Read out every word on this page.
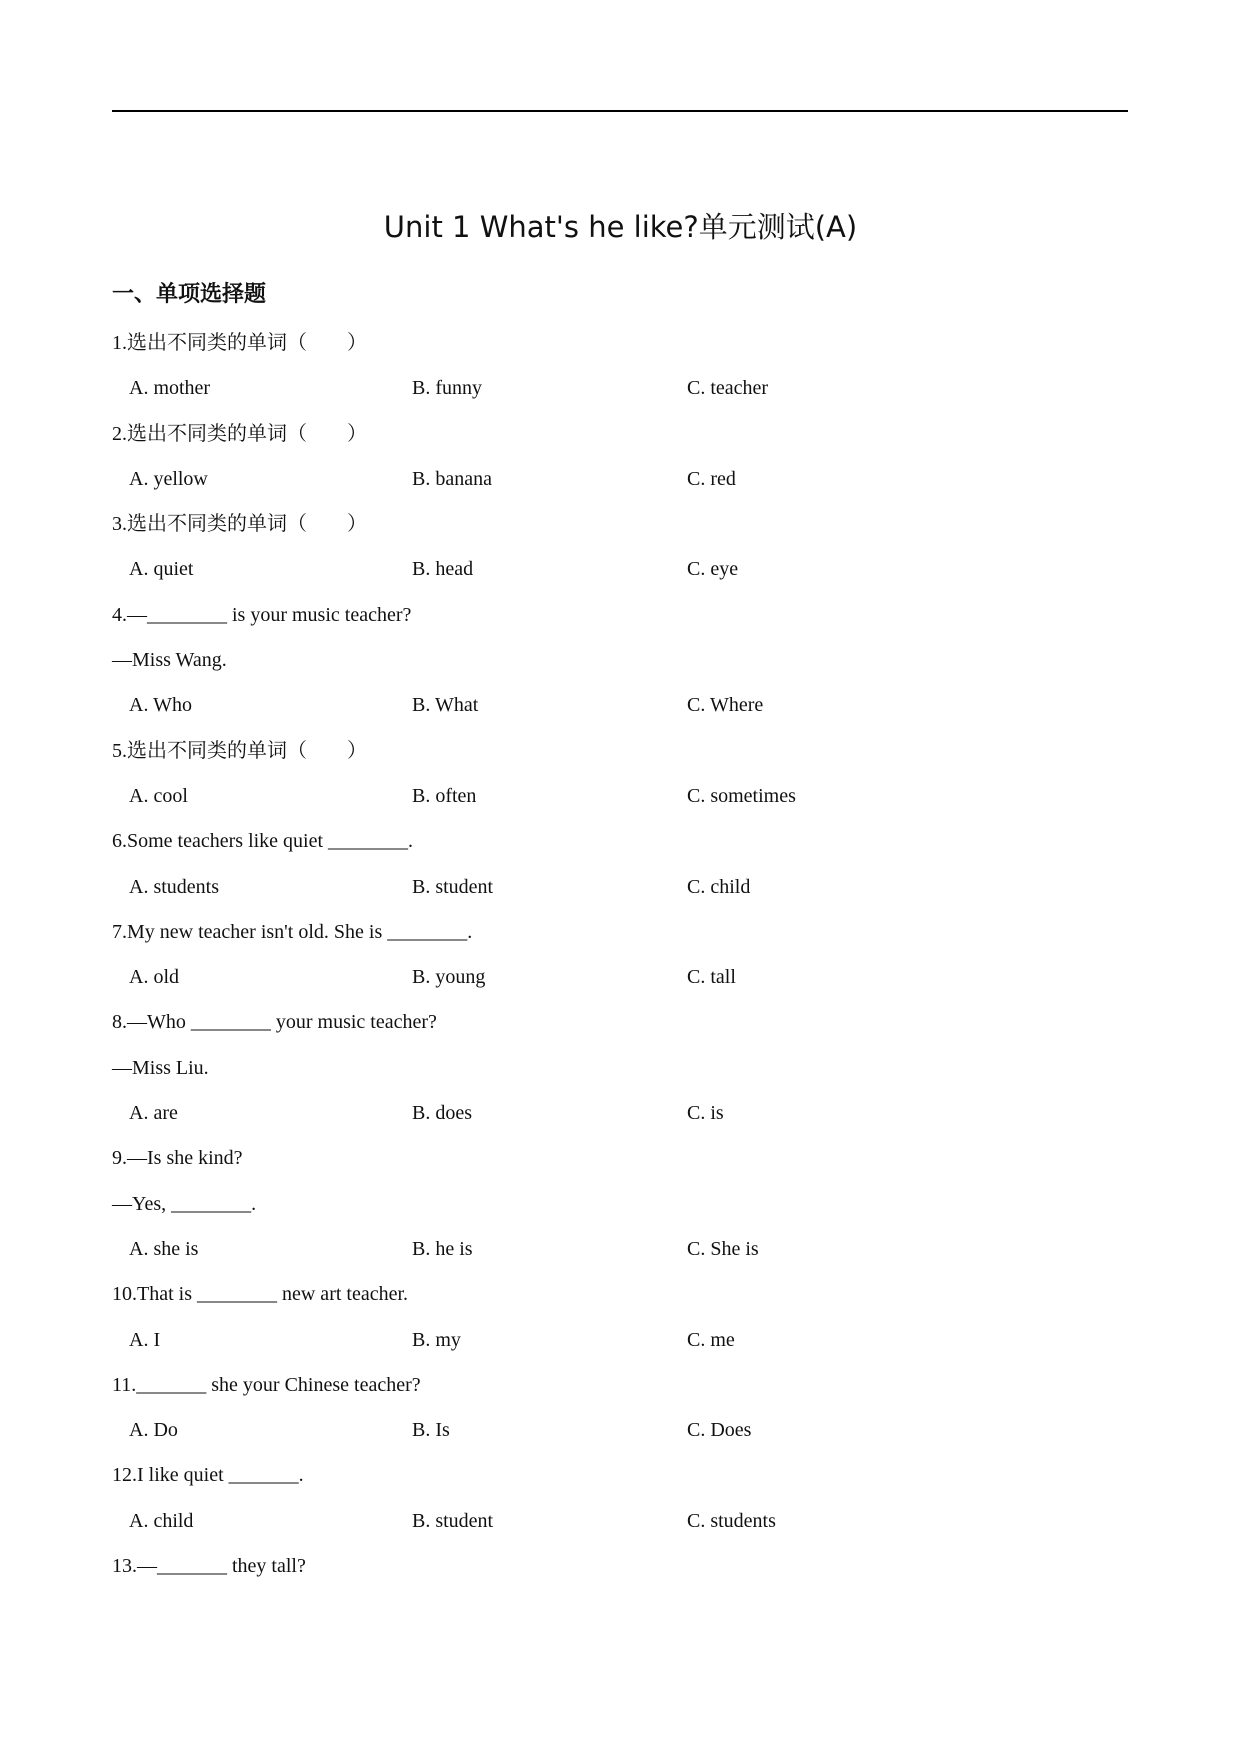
Unit 1 What's he like?单元测试(A)
一、单项选择题
1.选出不同类的单词（　　）
A. mother	B. funny	C. teacher
2.选出不同类的单词（　　）
A. yellow	B. banana	C. red
3.选出不同类的单词（　　）
A. quiet	B. head	C. eye
4.—________ is your music teacher?
—Miss Wang.
A. Who	B. What	C. Where
5.选出不同类的单词（　　）
A. cool	B. often	C. sometimes
6.Some teachers like quiet ________.
A. students	B. student	C. child
7.My new teacher isn't old. She is ________.
A. old	B. young	C. tall
8.—Who ________ your music teacher?
—Miss Liu.
A. are	B. does	C. is
9.—Is she kind?
—Yes, ________.
A. she is	B. he is	C. She is
10.That is ________ new art teacher.
A. I	B. my	C. me
11._______ she your Chinese teacher?
A. Do	B. Is	C. Does
12.I like quiet _______.
A. child	B. student	C. students
13.—_______ they tall?
